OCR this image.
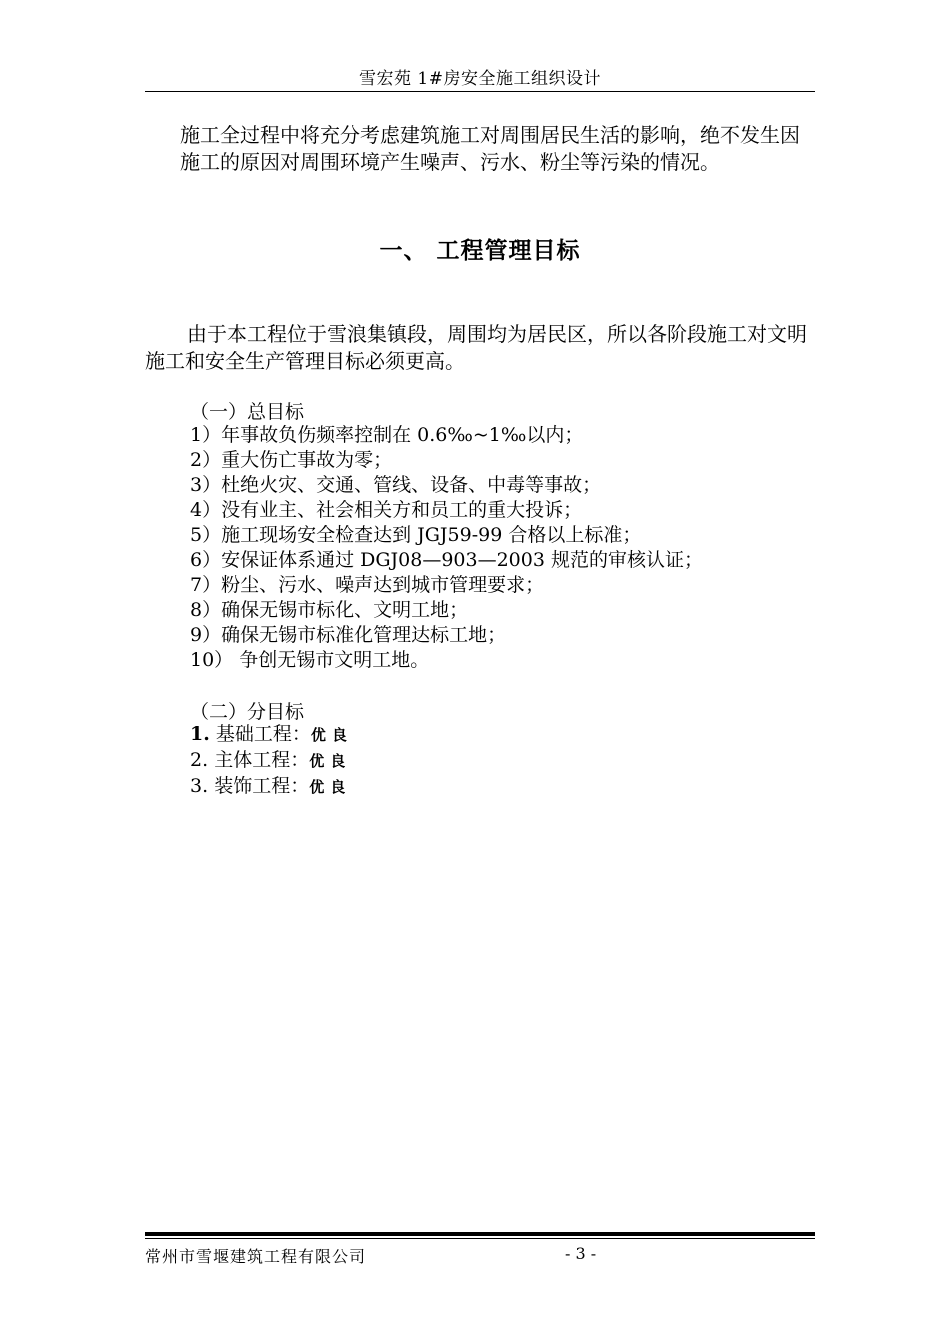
雪宏苑 1#房安全施工组织设计

施工全过程中将充分考虑建筑施工对周围居民生活的影响，绝不发生因施工的原因对周围环境产生噪声、污水、粉尘等污染的情况。

一、 工程管理目标

由于本工程位于雪浪集镇段，周围均为居民区，所以各阶段施工对文明施工和安全生产管理目标必须更高。

（一）总目标
1）年事故负伤频率控制在 0.6‰~1‰以内；
2）重大伤亡事故为零；
3）杜绝火灾、交通、管线、设备、中毒等事故；
4）没有业主、社会相关方和员工的重大投诉；
5）施工现场安全检查达到 JGJ59-99 合格以上标准；
6）安保证体系通过 DGJ08—903—2003 规范的审核认证；
7）粉尘、污水、噪声达到城市管理要求；
8）确保无锡市标化、文明工地；
9）确保无锡市标准化管理达标工地；
10） 争创无锡市文明工地。
（二）分目标
1. 基础工程：优良
2. 主体工程：优良
3. 装饰工程：优良
常州市雪堰建筑工程有限公司	- 3 -
